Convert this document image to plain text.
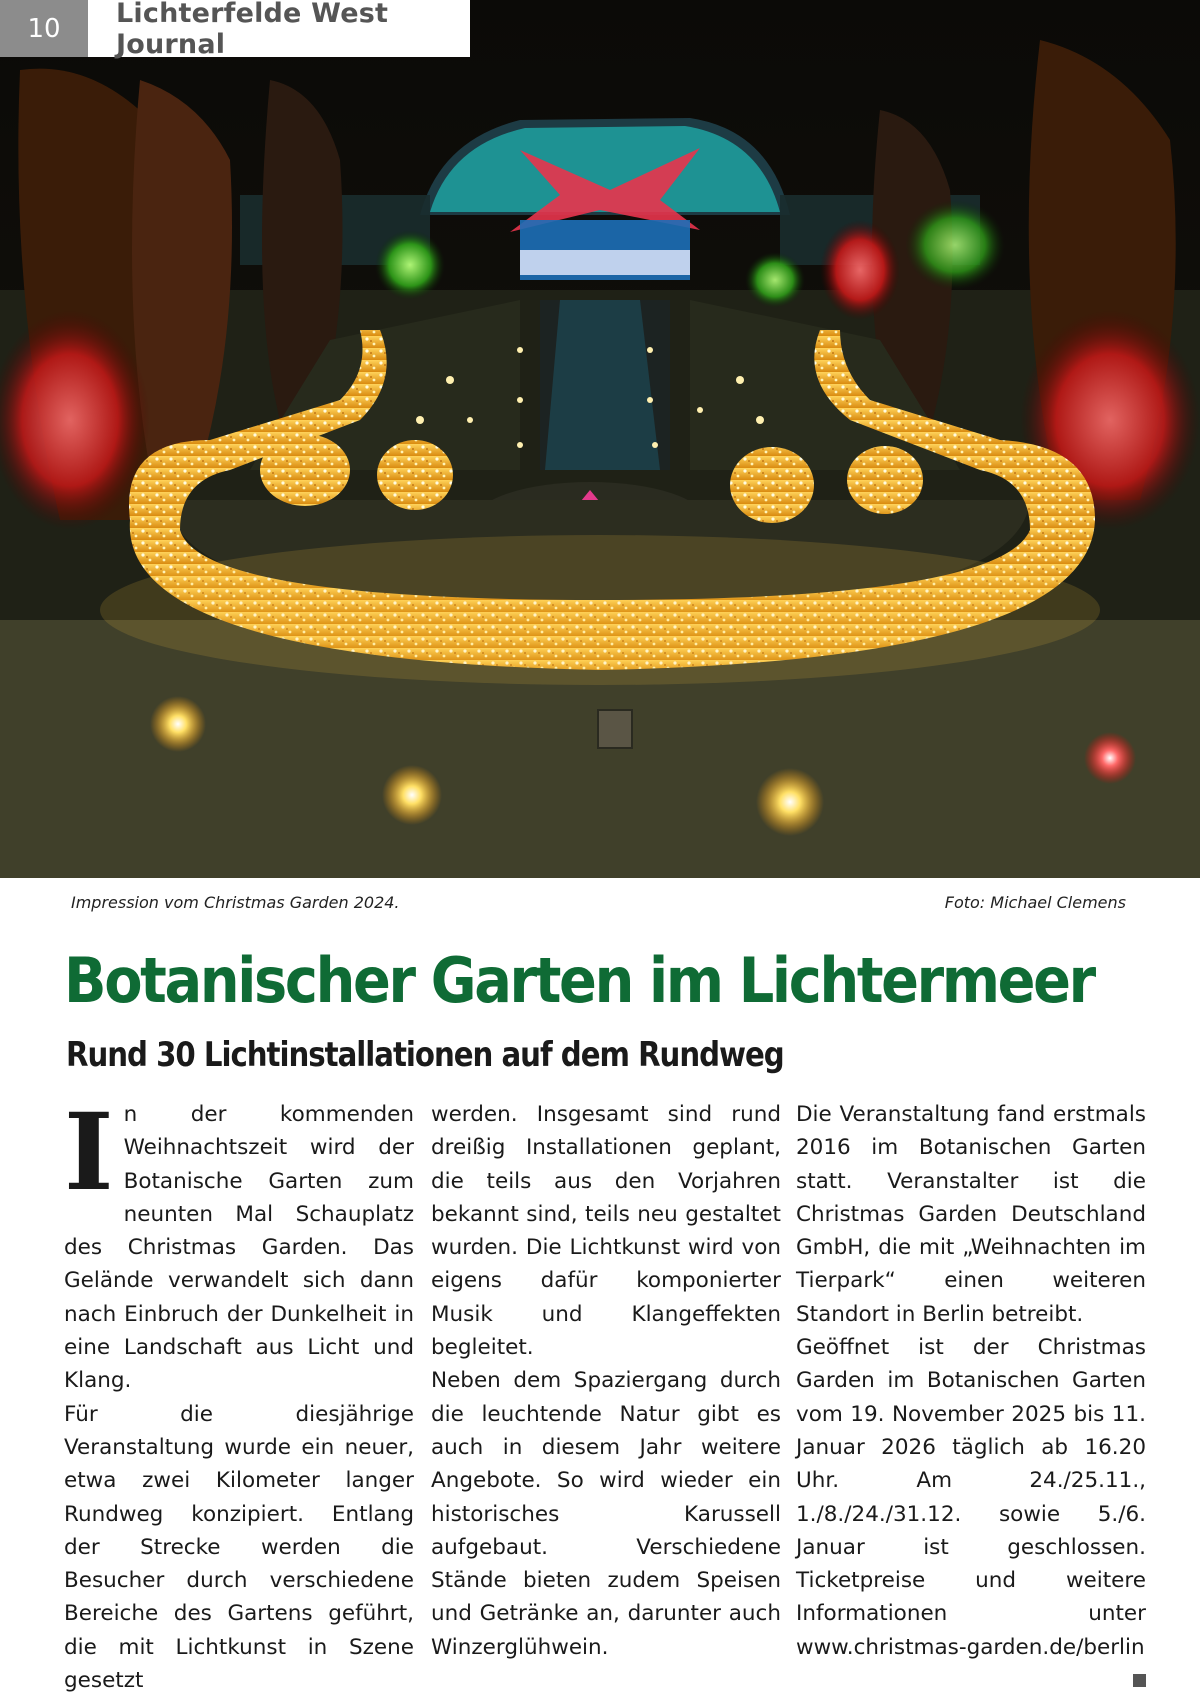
10	Lichterfelde West Journal
Impression vom Christmas Garden 2024.	Foto: Michael Clemens
Botanischer Garten im Lichtermeer
Rund 30 Lichtinstallationen auf dem Rundweg

In der kommenden Weihnachtszeit wird der Botanische Garten zum neunten Mal Schauplatz des Christmas Garden. Das Gelände verwandelt sich dann nach Einbruch der Dunkelheit in eine Landschaft aus Licht und Klang.

Für die diesjährige Veranstaltung wurde ein neuer, etwa zwei Kilometer langer Rundweg konzipiert. Entlang der Strecke werden die Besucher durch verschiedene Bereiche des Gartens geführt, die mit Lichtkunst in Szene gesetzt

werden. Insgesamt sind rund dreißig Installationen geplant, die teils aus den Vorjahren bekannt sind, teils neu gestaltet wurden. Die Lichtkunst wird von eigens dafür komponierter Musik und Klangeffekten begleitet.

Neben dem Spaziergang durch die leuchtende Natur gibt es auch in diesem Jahr weitere Angebote. So wird wieder ein historisches Karussell aufgebaut. Verschiedene Stände bieten zudem Speisen und Getränke an, darunter auch Winzerglühwein.

Die Veranstaltung fand erstmals 2016 im Botanischen Garten statt. Veranstalter ist die Christmas Garden Deutschland GmbH, die mit „Weihnachten im Tierpark“ einen weiteren Standort in Berlin betreibt.

Geöffnet ist der Christmas Garden im Botanischen Garten vom 19. November 2025 bis 11. Januar 2026 täglich ab 16.20 Uhr. Am 24./25.11., 1./8./24./31.12. sowie 5./6. Januar ist geschlossen. Ticketpreise und weitere Informationen unter www.christmas-garden.de/berlin
